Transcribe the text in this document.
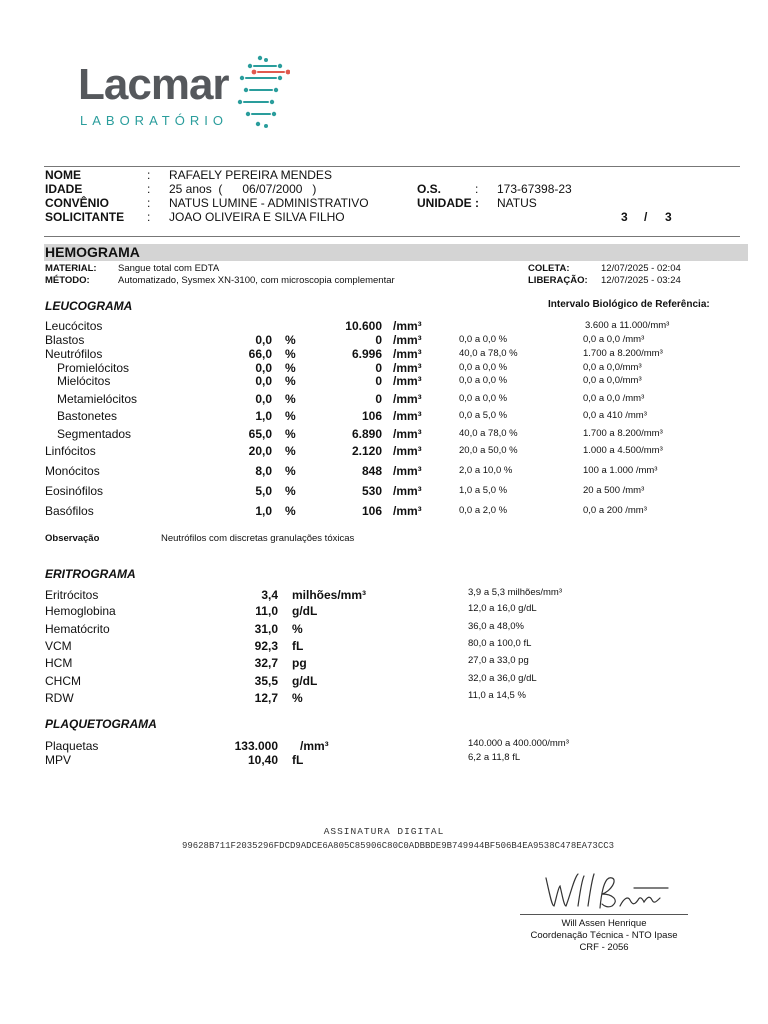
Lacmar
LABORATÓRIO
NOME	: RAFAELY PEREIRA MENDES
IDADE	: 25 anos  (      06/07/2000   )	O.S.	: 173-67398-23
CONVÊNIO	: NATUS LUMINE - ADMINISTRATIVO	UNIDADE : NATUS
SOLICITANTE : JOAO OLIVEIRA E SILVA FILHO	3 / 3
HEMOGRAMA
MATERIAL: Sangue total com EDTA
MÉTODO:	Automatizado, Sysmex XN-3100, com microscopia complementar
COLETA:	12/07/2025 - 02:04
LIBERAÇÃO: 12/07/2025 - 03:24
LEUCOGRAMA	Intervalo Biológico de Referência:
Leucócitos	10.600 /mm³	3.600 a 11.000/mm³
Blastos	0,0 %	0 /mm³	0,0 a 0,0 %	0,0 a 0,0 /mm³
Neutrófilos	66,0 %	6.996 /mm³	40,0 a 78,0 %	1.700 a 8.200/mm³
Promielócitos	0,0 %	0 /mm³	0,0 a 0,0 %	0,0 a 0,0/mm³
Mielócitos	0,0 %	0 /mm³	0,0 a 0,0 %	0,0 a 0,0/mm³
Metamielócitos	0,0 %	0 /mm³	0,0 a 0,0 %	0,0 a 0,0 /mm³
Bastonetes	1,0 %	106 /mm³	0,0 a 5,0 %	0,0 a 410 /mm³
Segmentados	65,0 %	6.890 /mm³	40,0 a 78,0 %	1.700 a 8.200/mm³
Linfócitos	20,0 %	2.120 /mm³	20,0 a 50,0 %	1.000 a 4.500/mm³
Monócitos	8,0 %	848 /mm³	2,0 a 10,0 %	100 a 1.000 /mm³
Eosinófilos	5,0 %	530 /mm³	1,0 a 5,0 %	20 a 500 /mm³
Basófilos	1,0 %	106 /mm³	0,0 a 2,0 %	0,0 a 200 /mm³
Observação	Neutrófilos com discretas granulações tóxicas
ERITROGRAMA
Eritrócitos	3,4 milhões/mm³	3,9 a 5,3 milhões/mm³
Hemoglobina	11,0 g/dL	12,0 a 16,0 g/dL
Hematócrito	31,0 %	36,0 a 48,0%
VCM	92,3 fL	80,0 a 100,0 fL
HCM	32,7 pg	27,0 a 33,0 pg
CHCM	35,5 g/dL	32,0 a 36,0 g/dL
RDW	12,7 %	11,0 a 14,5 %
PLAQUETOGRAMA
Plaquetas	133.000 /mm³	140.000 a 400.000/mm³
MPV	10,40 fL	6,2 a 11,8 fL
ASSINATURA DIGITAL
99628B711F2035296FDCD9ADCE6A805C85906C80C0ADBBDE9B749944BF506B4EA9538C478EA73CC3
Will Assen Henrique
Coordenação Técnica - NTO Ipase
CRF - 2056
